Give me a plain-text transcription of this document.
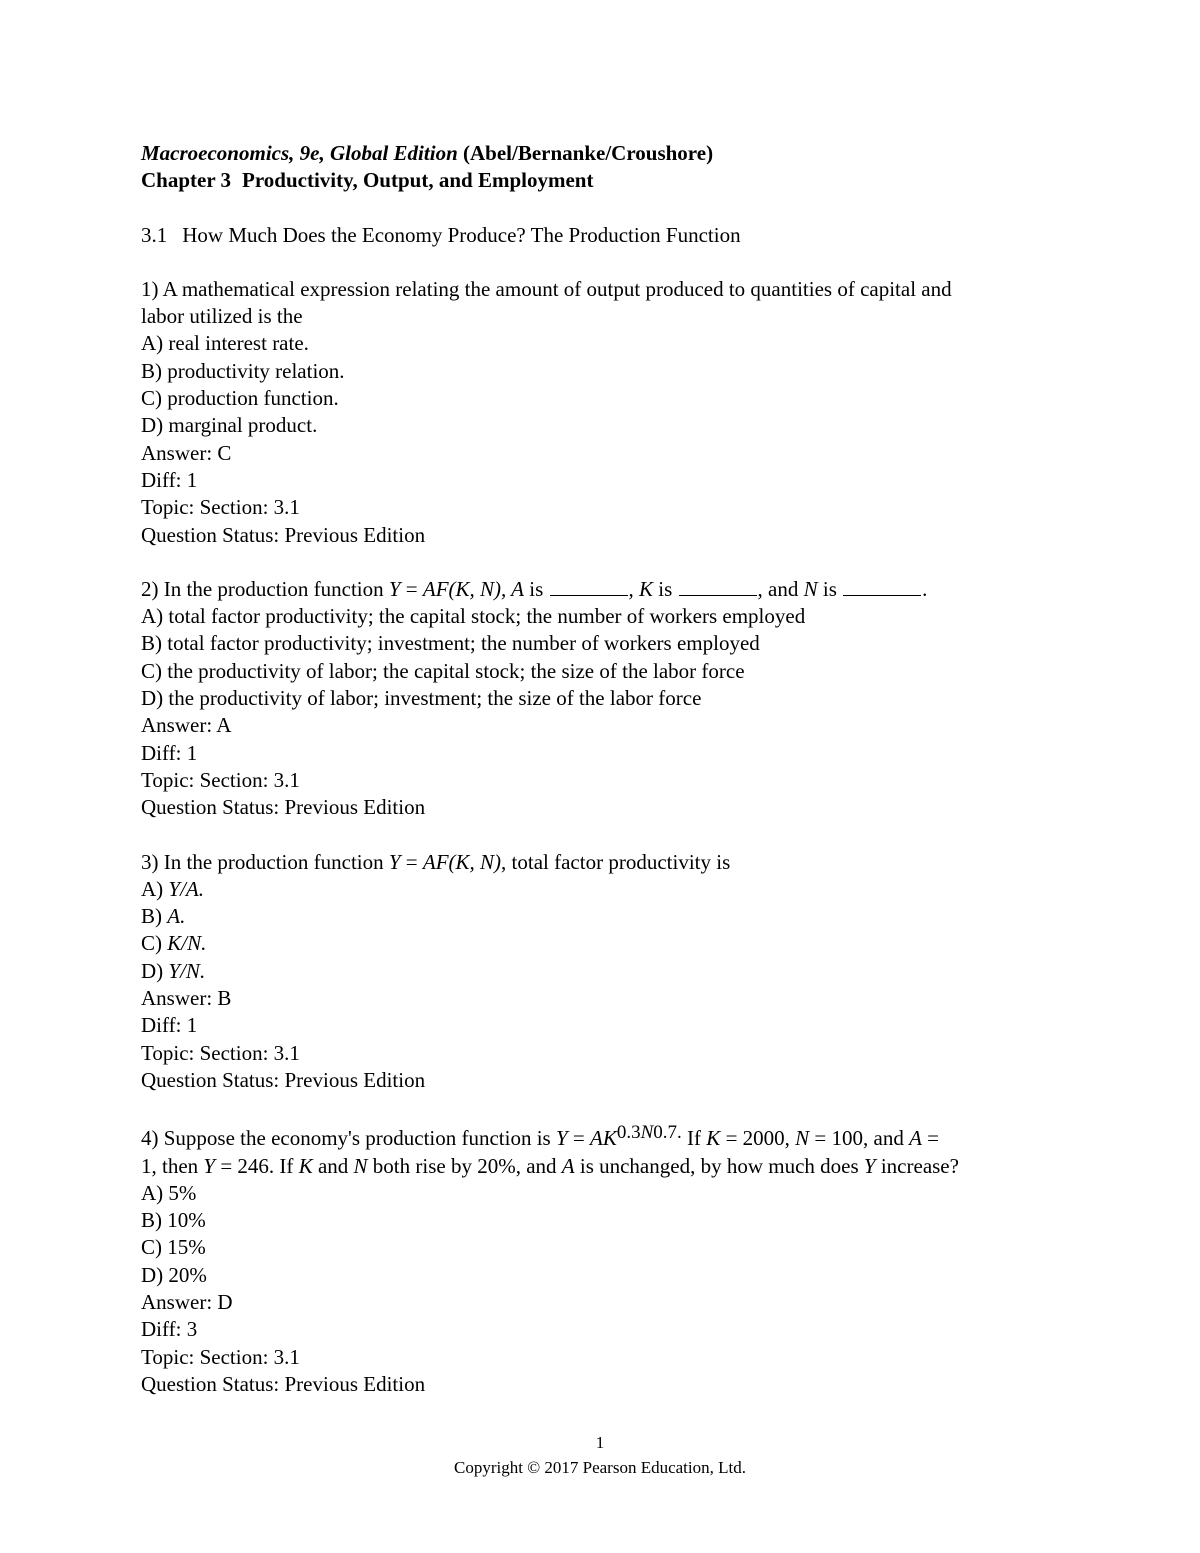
Macroeconomics, 9e, Global Edition (Abel/Bernanke/Croushore)
Chapter 3 Productivity, Output, and Employment
3.1 How Much Does the Economy Produce? The Production Function
1) A mathematical expression relating the amount of output produced to quantities of capital and
labor utilized is the
A) real interest rate.
B) productivity relation.
C) production function.
D) marginal product.
Answer: C
Diff: 1
Topic: Section: 3.1
Question Status: Previous Edition
2) In the production function Y = AF(K, N), A is	, K is	, and N is	.
A) total factor productivity; the capital stock; the number of workers employed
B) total factor productivity; investment; the number of workers employed
C) the productivity of labor; the capital stock; the size of the labor force
D) the productivity of labor; investment; the size of the labor force
Answer: A
Diff: 1
Topic: Section: 3.1
Question Status: Previous Edition
3) In the production function Y = AF(K, N), total factor productivity is
A) Y/A.
B) A.
C) K/N.
D) Y/N.
Answer: B
Diff: 1
Topic: Section: 3.1
Question Status: Previous Edition
4) Suppose the economy's production function is $Y = AK^{0.3N0.7.}$ If K = 2000, N = 100, and A =
1, then Y = 246. If K and N both rise by 20%, and A is unchanged, by how much does Y increase?
A) 5%
B) 10%
C) 15%
D) 20%
Answer: D
Diff: 3
Topic: Section: 3.1
Question Status: Previous Edition
1
Copyright © 2017 Pearson Education, Ltd.
